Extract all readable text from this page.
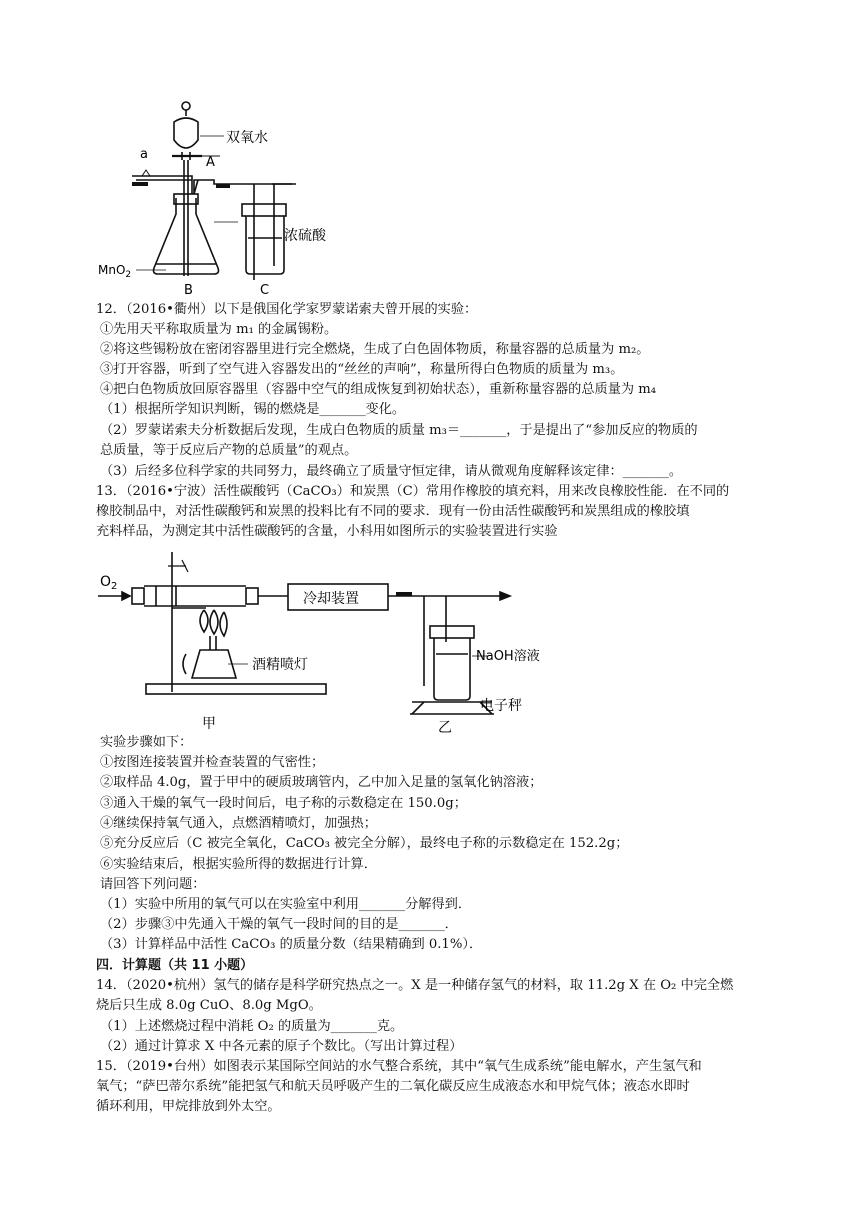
双氧水
a
A
浓硫酸
MnO$_2$
B	C
12．（2016•衢州）以下是俄国化学家罗蒙诺索夫曾开展的实验：
①先用天平称取质量为 m₁ 的金属锡粉。
②将这些锡粉放在密闭容器里进行完全燃烧，生成了白色固体物质，称量容器的总质量为 m₂。
③打开容器，听到了空气进入容器发出的“丝丝的声响”，称量所得白色物质的质量为 m₃。
④把白色物质放回原容器里（容器中空气的组成恢复到初始状态），重新称量容器的总质量为 m₄
（1）根据所学知识判断，锡的燃烧是_______变化。
（2）罗蒙诺索夫分析数据后发现，生成白色物质的质量 m₃＝_______，于是提出了“参加反应的物质的
总质量，等于反应后产物的总质量”的观点。
（3）后经多位科学家的共同努力，最终确立了质量守恒定律，请从微观角度解释该定律：_______。
13．（2016•宁波）活性碳酸钙（CaCO₃）和炭黑（C）常用作橡胶的填充料，用来改良橡胶性能．在不同的
橡胶制品中，对活性碳酸钙和炭黑的投料比有不同的要求．现有一份由活性碳酸钙和炭黑组成的橡胶填
充料样品，为测定其中活性碳酸钙的含量，小科用如图所示的实验装置进行实验
$O_2$
冷却装置
酒精喷灯
NaOH溶液
电子秤
甲	乙
实验步骤如下：
①按图连接装置并检查装置的气密性；
②取样品 4.0g，置于甲中的硬质玻璃管内，乙中加入足量的氢氧化钠溶液；
③通入干燥的氧气一段时间后，电子称的示数稳定在 150.0g；
④继续保持氧气通入，点燃酒精喷灯，加强热；
⑤充分反应后（C 被完全氧化，CaCO₃ 被完全分解），最终电子称的示数稳定在 152.2g；
⑥实验结束后，根据实验所得的数据进行计算．
请回答下列问题：
（1）实验中所用的氧气可以在实验室中利用_______分解得到．
（2）步骤③中先通入干燥的氧气一段时间的目的是_______．
（3）计算样品中活性 CaCO₃ 的质量分数（结果精确到 0.1%）．
四．计算题（共 11 小题）
14．（2020•杭州）氢气的储存是科学研究热点之一。X 是一种储存氢气的材料，取 11.2g X 在 O₂ 中完全燃
烧后只生成 8.0g CuO、8.0g MgO。
（1）上述燃烧过程中消耗 O₂ 的质量为_______克。
（2）通过计算求 X 中各元素的原子个数比。（写出计算过程）
15．（2019•台州）如图表示某国际空间站的水气整合系统，其中“氧气生成系统”能电解水，产生氢气和
氧气；“萨巴蒂尔系统”能把氢气和航天员呼吸产生的二氧化碳反应生成液态水和甲烷气体；液态水即时
循环利用，甲烷排放到外太空。
